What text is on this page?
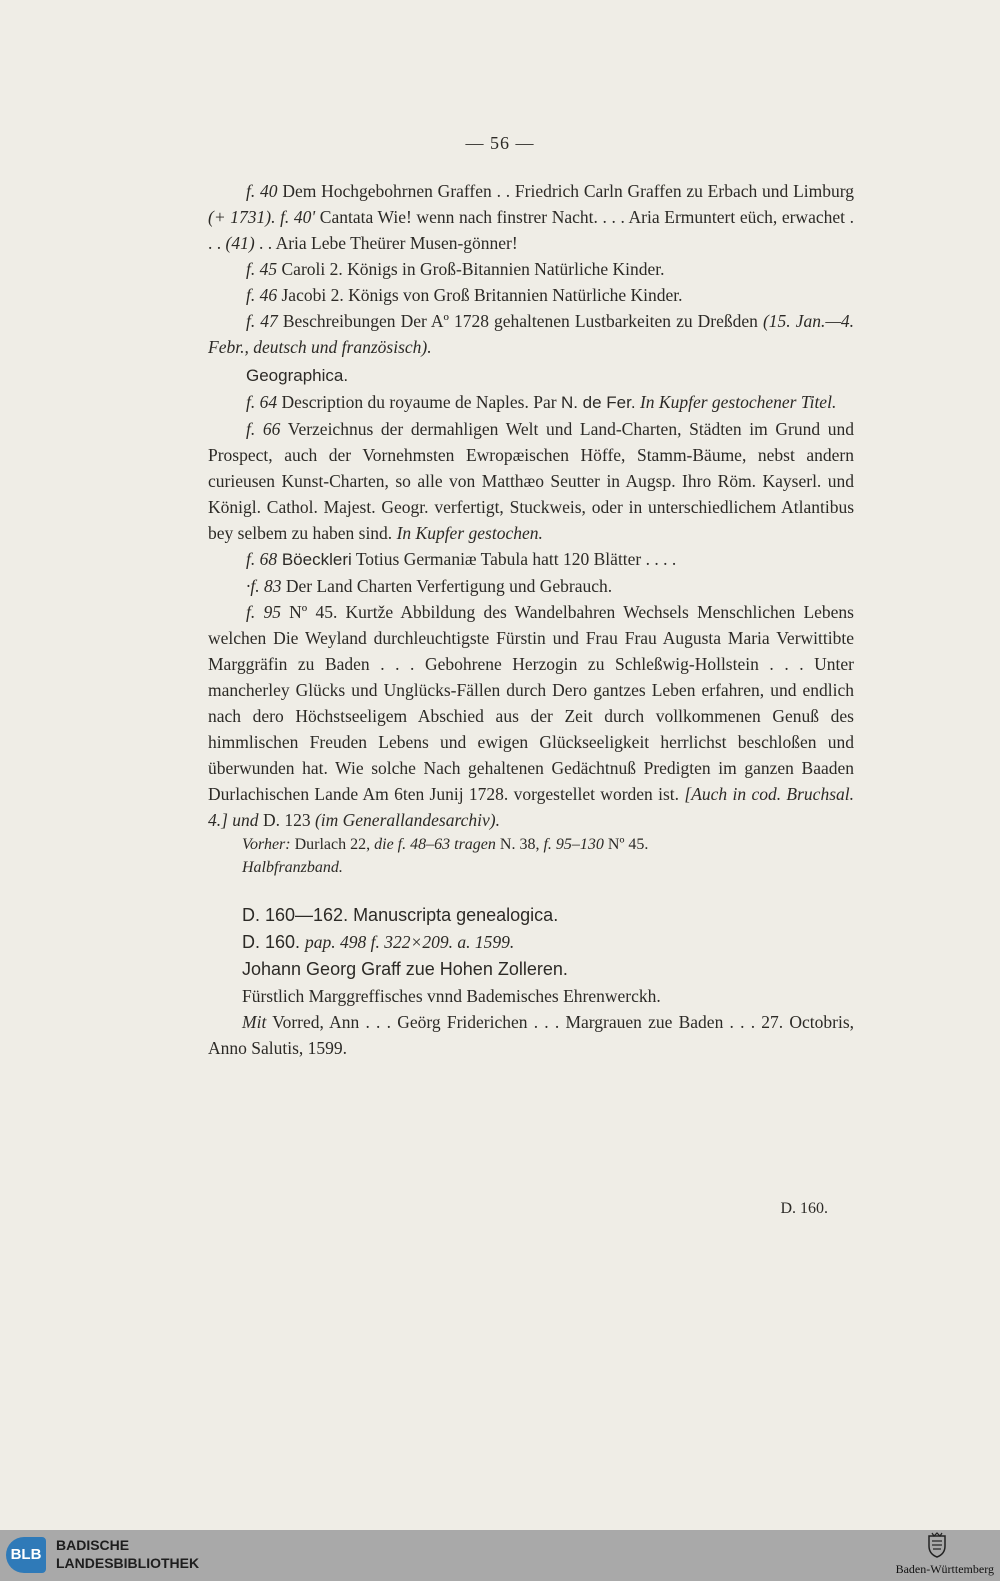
— 56 —

f. 40 Dem Hochgebohrnen Graffen . . Friedrich Carln Graffen zu Erbach und Limburg (+ 1731). f. 40' Cantata Wie! wenn nach finstrer Nacht. . . . Aria Ermuntert eüch, erwachet . . . (41) . . Aria Lebe Theürer Musen-gönner!

f. 45 Caroli 2. Königs in Groß-Bitannien Natürliche Kinder.

f. 46 Jacobi 2. Königs von Groß Britannien Natürliche Kinder.

f. 47 Beschreibungen Der Aº 1728 gehaltenen Lustbarkeiten zu Dreßden (15. Jan.—4. Febr., deutsch und französisch).

Geographica.

f. 64 Description du royaume de Naples. Par N. de Fer. In Kupfer gestochener Titel.

f. 66 Verzeichnus der dermahligen Welt und Land-Charten, Städten im Grund und Prospect, auch der Vornehmsten Ewropæischen Höffe, Stamm-Bäume, nebst andern curieusen Kunst-Charten, so alle von Matthæo Seutter in Augsp. Ihro Röm. Kayserl. und Königl. Cathol. Majest. Geogr. verfertigt, Stuckweis, oder in unterschiedlichem Atlantibus bey selbem zu haben sind. In Kupfer gestochen.

f. 68 Böeckleri Totius Germaniæ Tabula hatt 120 Blätter . . . .

·f. 83 Der Land Charten Verfertigung und Gebrauch.

f. 95 Nº 45. Kurtže Abbildung des Wandelbahren Wechsels Menschlichen Lebens welchen Die Weyland durchleuchtigste Fürstin und Frau Frau Augusta Maria Verwittibte Marggräfin zu Baden . . . Gebohrene Herzogin zu Schleßwig-Hollstein . . . Unter mancherley Glücks und Unglücks-Fällen durch Dero gantzes Leben erfahren, und endlich nach dero Höchstseeligem Abschied aus der Zeit durch vollkommenen Genuß des himmlischen Freuden Lebens und ewigen Glückseeligkeit herrlichst beschloßen und überwunden hat. Wie solche Nach gehaltenen Gedächtnuß Predigten im ganzen Baaden Durlachischen Lande Am 6ten Junij 1728. vorgestellet worden ist. [Auch in cod. Bruchsal. 4.] und D. 123 (im Generallandesarchiv).

Vorher: Durlach 22, die f. 48–63 tragen N. 38, f. 95–130 Nº 45.

Halbfranzband.

D. 160—162. Manuscripta genealogica.

D. 160. pap. 498 f. 322×209. a. 1599.

Johann Georg Graff zue Hohen Zolleren.

Fürstlich Marggreffisches vnnd Bademisches Ehrenwerckh.

Mit Vorred, Ann . . . Geörg Friderichen . . . Margrauen zue Baden . . . 27. Octobris, Anno Salutis, 1599.

D. 160.
BLB
BADISCHE
LANDESBIBLIOTHEK	Baden-Württemberg
